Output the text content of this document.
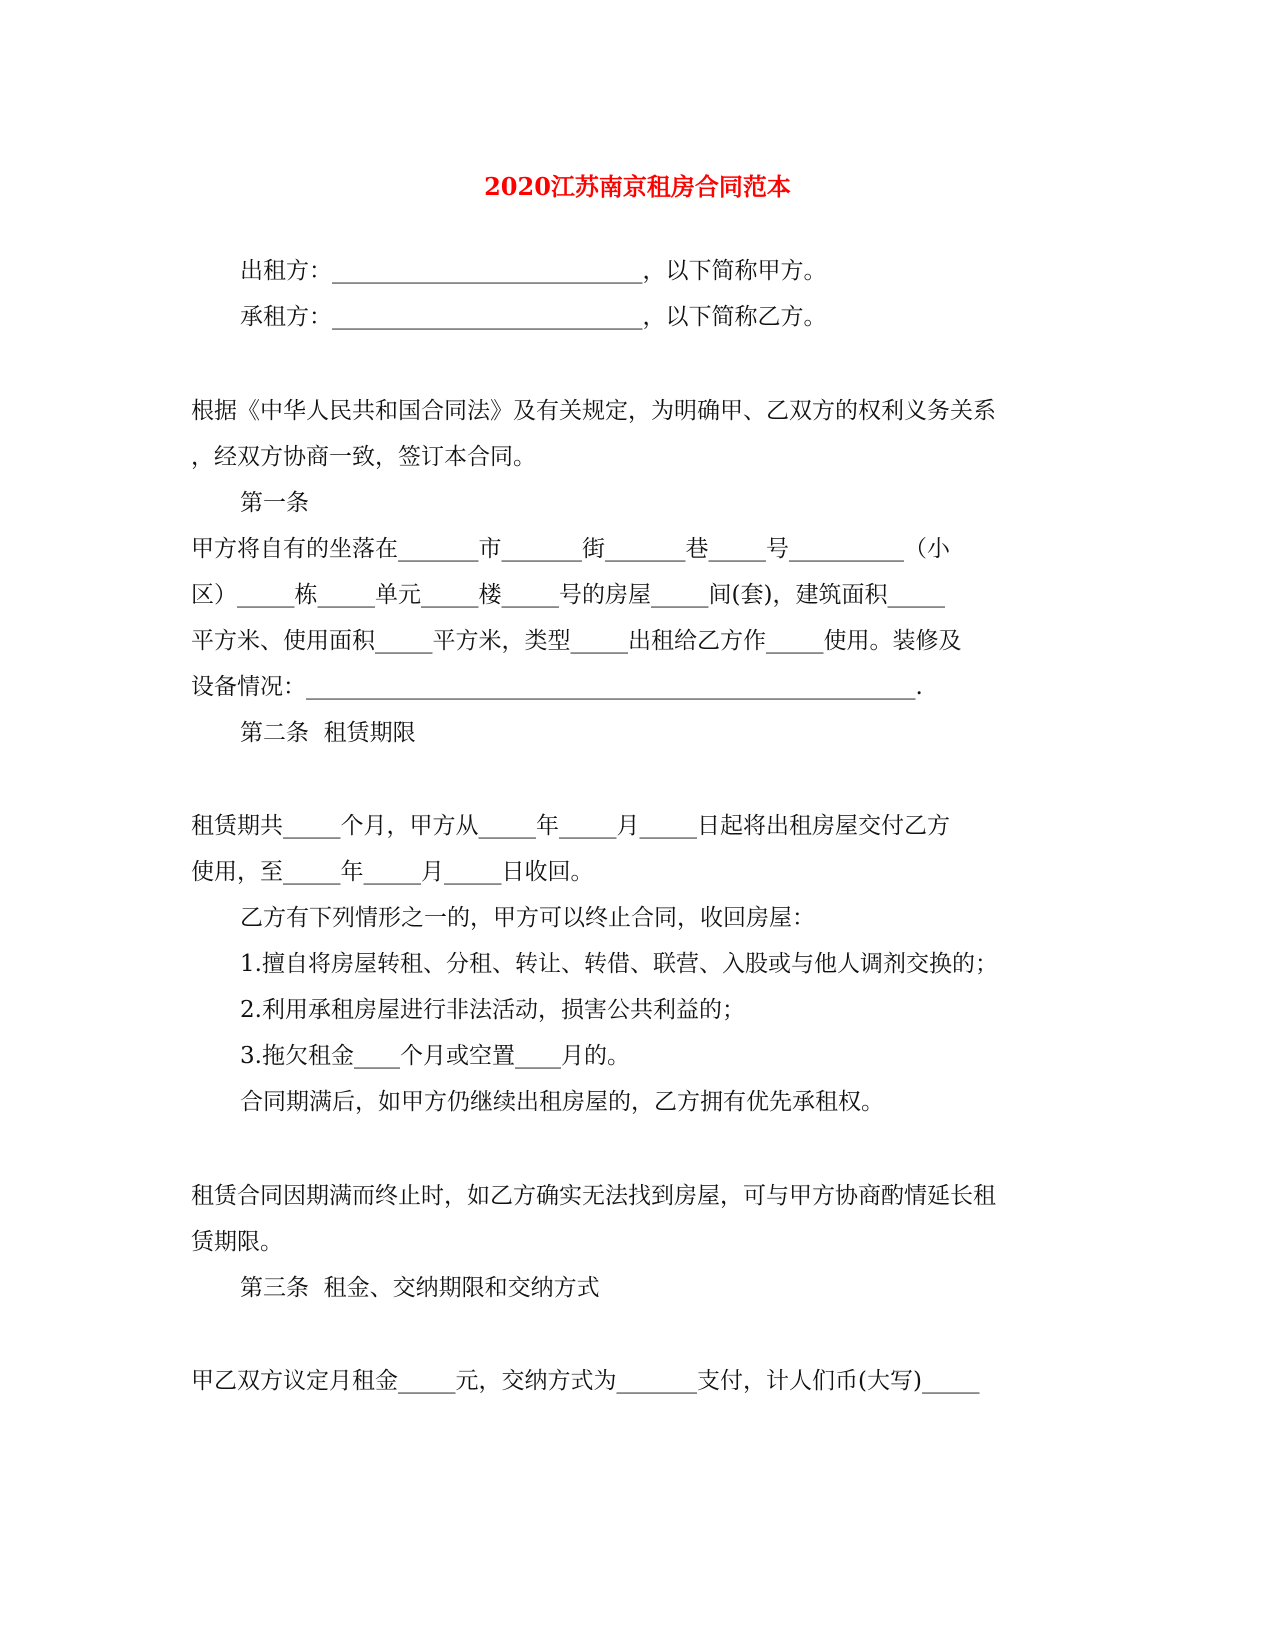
2020江苏南京租房合同范本
出租方：___________________________，以下简称甲方。
承租方：___________________________，以下简称乙方。
根据《中华人民共和国合同法》及有关规定，为明确甲、乙双方的权利义务关系
，经双方协商一致，签订本合同。
第一条
甲方将自有的坐落在_______市_______街_______巷_____号__________（小
区）_____栋_____单元_____楼_____号的房屋_____间(套)，建筑面积_____
平方米、使用面积_____平方米，类型_____出租给乙方作_____使用。装修及
设备情况：_____________________________________________________.
第二条  租赁期限
租赁期共_____个月，甲方从_____年_____月_____日起将出租房屋交付乙方
使用，至_____年_____月_____日收回。
乙方有下列情形之一的，甲方可以终止合同，收回房屋：
1.擅自将房屋转租、分租、转让、转借、联营、入股或与他人调剂交换的；
2.利用承租房屋进行非法活动，损害公共利益的；
3.拖欠租金____个月或空置____月的。
合同期满后，如甲方仍继续出租房屋的，乙方拥有优先承租权。
租赁合同因期满而终止时，如乙方确实无法找到房屋，可与甲方协商酌情延长租
赁期限。
第三条  租金、交纳期限和交纳方式
甲乙双方议定月租金_____元，交纳方式为_______支付，计人们币(大写)_____
